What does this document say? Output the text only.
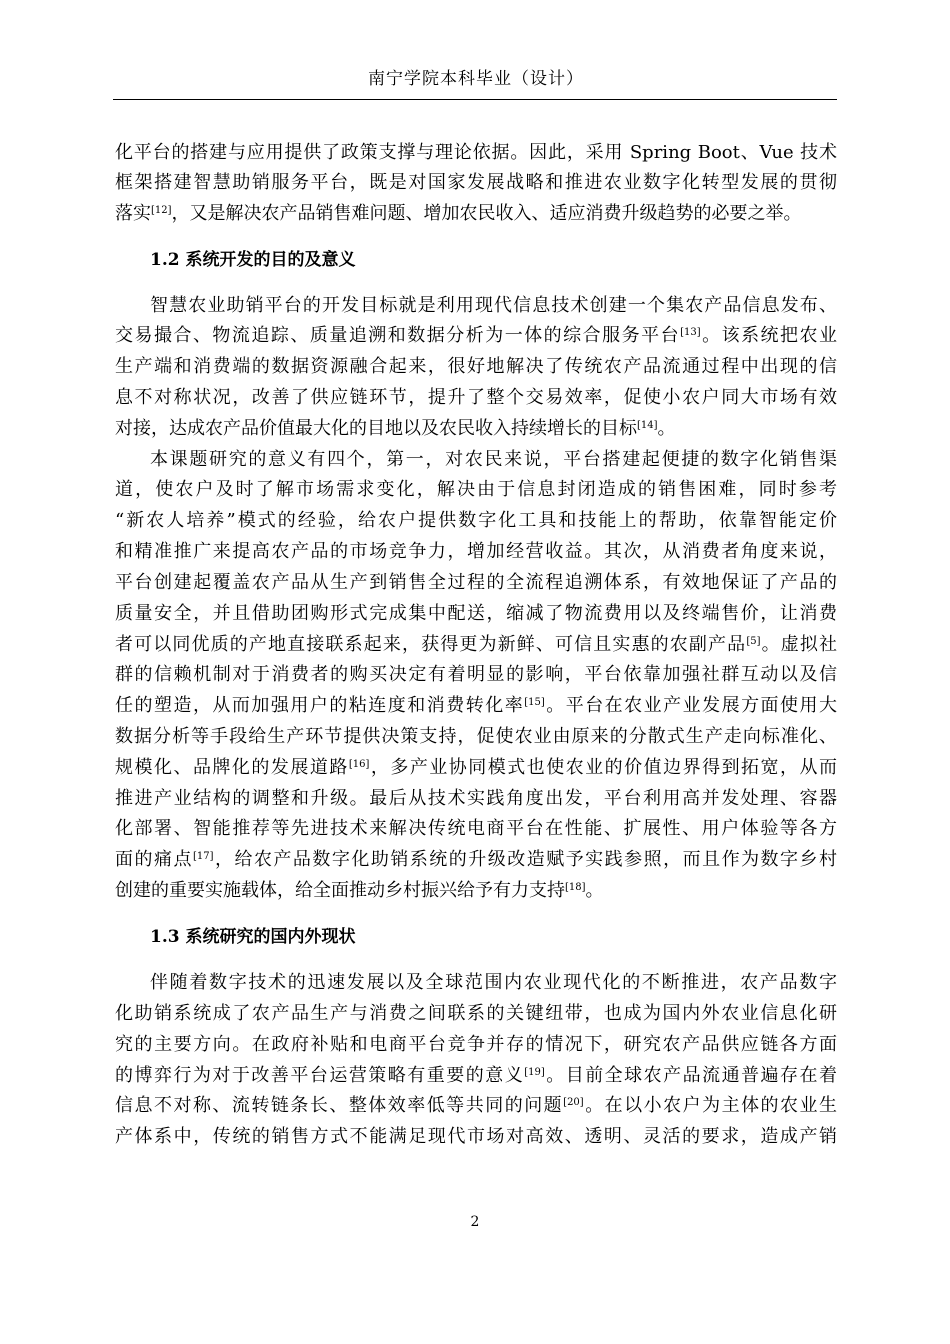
南宁学院本科毕业（设计）
化平台的搭建与应用提供了政策支撑与理论依据。因此，采用 Spring Boot、Vue 技术
框架搭建智慧助销服务平台，既是对国家发展战略和推进农业数字化转型发展的贯彻
落实[12]，又是解决农产品销售难问题、增加农民收入、适应消费升级趋势的必要之举。
1.2 系统开发的目的及意义
智慧农业助销平台的开发目标就是利用现代信息技术创建一个集农产品信息发布、
交易撮合、物流追踪、质量追溯和数据分析为一体的综合服务平台[13]。该系统把农业
生产端和消费端的数据资源融合起来，很好地解决了传统农产品流通过程中出现的信
息不对称状况，改善了供应链环节，提升了整个交易效率，促使小农户同大市场有效
对接，达成农产品价值最大化的目地以及农民收入持续增长的目标[14]。
本课题研究的意义有四个，第一，对农民来说，平台搭建起便捷的数字化销售渠
道，使农户及时了解市场需求变化，解决由于信息封闭造成的销售困难，同时参考
“新农人培养”模式的经验，给农户提供数字化工具和技能上的帮助，依靠智能定价
和精准推广来提高农产品的市场竞争力，增加经营收益。其次，从消费者角度来说，
平台创建起覆盖农产品从生产到销售全过程的全流程追溯体系，有效地保证了产品的
质量安全，并且借助团购形式完成集中配送，缩减了物流费用以及终端售价，让消费
者可以同优质的产地直接联系起来，获得更为新鲜、可信且实惠的农副产品[5]。虚拟社
群的信赖机制对于消费者的购买决定有着明显的影响，平台依靠加强社群互动以及信
任的塑造，从而加强用户的粘连度和消费转化率[15]。平台在农业产业发展方面使用大
数据分析等手段给生产环节提供决策支持，促使农业由原来的分散式生产走向标准化、
规模化、品牌化的发展道路[16]，多产业协同模式也使农业的价值边界得到拓宽，从而
推进产业结构的调整和升级。最后从技术实践角度出发，平台利用高并发处理、容器
化部署、智能推荐等先进技术来解决传统电商平台在性能、扩展性、用户体验等各方
面的痛点[17]，给农产品数字化助销系统的升级改造赋予实践参照，而且作为数字乡村
创建的重要实施载体，给全面推动乡村振兴给予有力支持[18]。
1.3 系统研究的国内外现状
伴随着数字技术的迅速发展以及全球范围内农业现代化的不断推进，农产品数字
化助销系统成了农产品生产与消费之间联系的关键纽带，也成为国内外农业信息化研
究的主要方向。在政府补贴和电商平台竞争并存的情况下，研究农产品供应链各方面
的博弈行为对于改善平台运营策略有重要的意义[19]。目前全球农产品流通普遍存在着
信息不对称、流转链条长、整体效率低等共同的问题[20]。在以小农户为主体的农业生
产体系中，传统的销售方式不能满足现代市场对高效、透明、灵活的要求，造成产销
2
